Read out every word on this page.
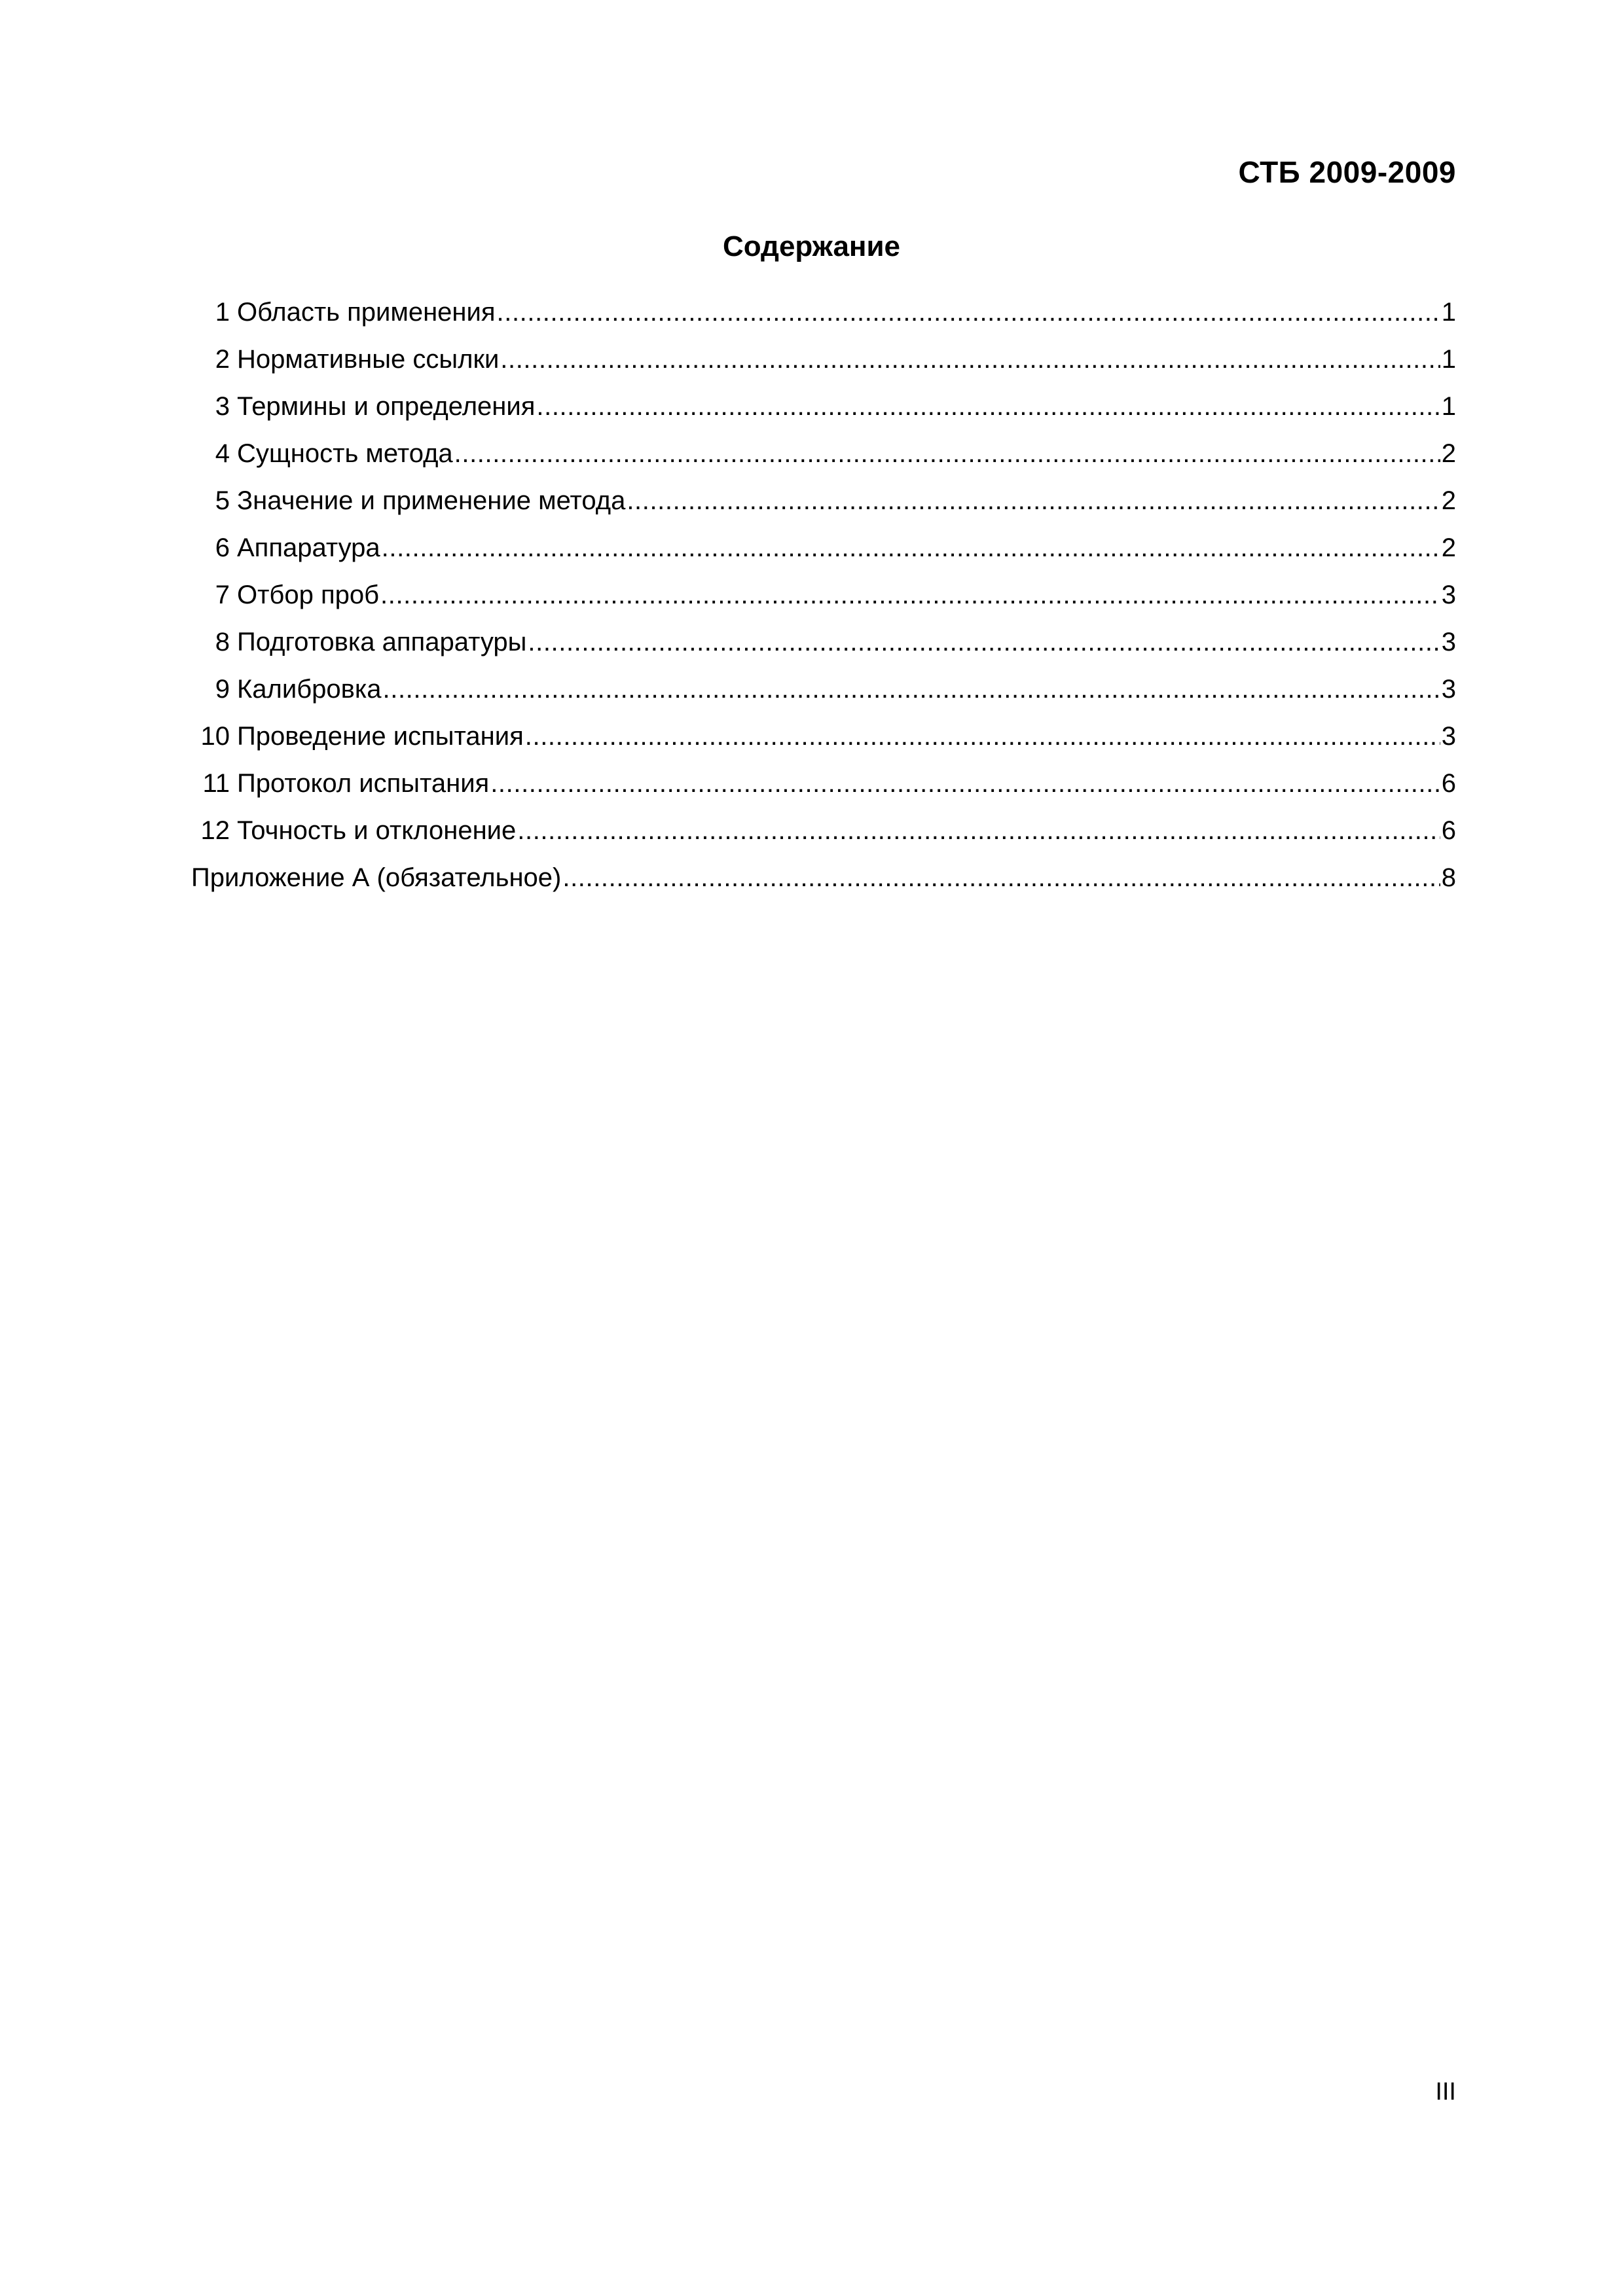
СТБ 2009-2009
Содержание
1 Область применения .....	1
2 Нормативные ссылки .....	1
3 Термины и определения .....	1
4 Сущность метода .....	2
5 Значение и применение метода .....	2
6 Аппаратура .....	2
7 Отбор проб .....	3
8 Подготовка аппаратуры .....	3
9 Калибровка .....	3
10 Проведение испытания .....	3
11 Протокол испытания .....	6
12 Точность и отклонение .....	6
Приложение А (обязательное) .....	8
III
